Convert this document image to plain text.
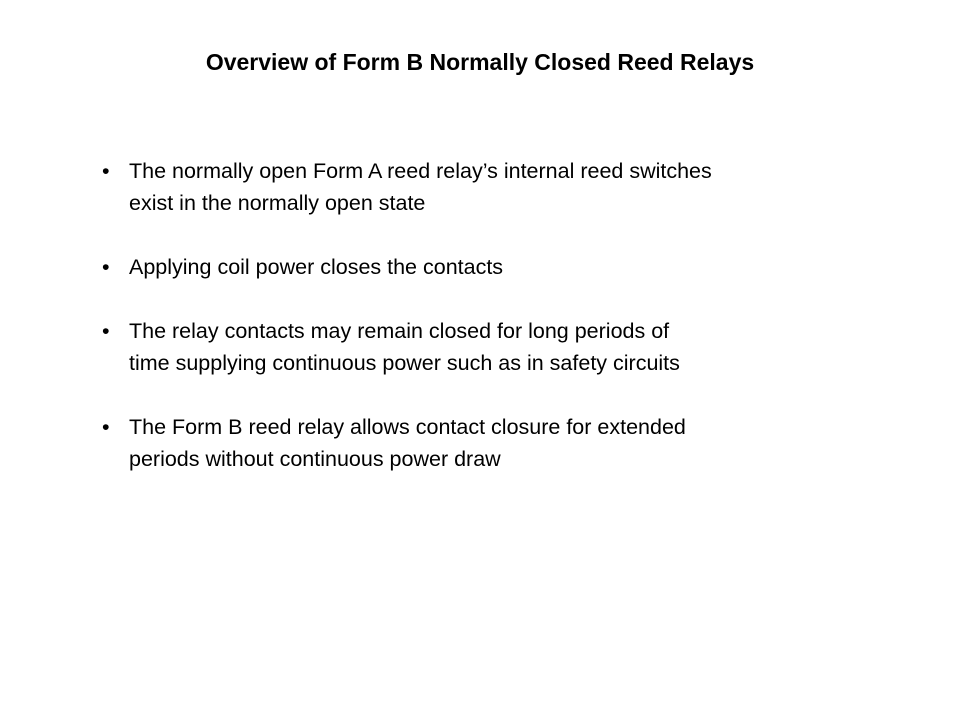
Overview of Form B Normally Closed Reed Relays
• The normally open Form A reed relay’s internal reed switches
exist in the normally open state
• Applying coil power closes the contacts
• The relay contacts may remain closed for long periods of
time supplying continuous power such as in safety circuits
• The Form B reed relay allows contact closure for extended
periods without continuous power draw
